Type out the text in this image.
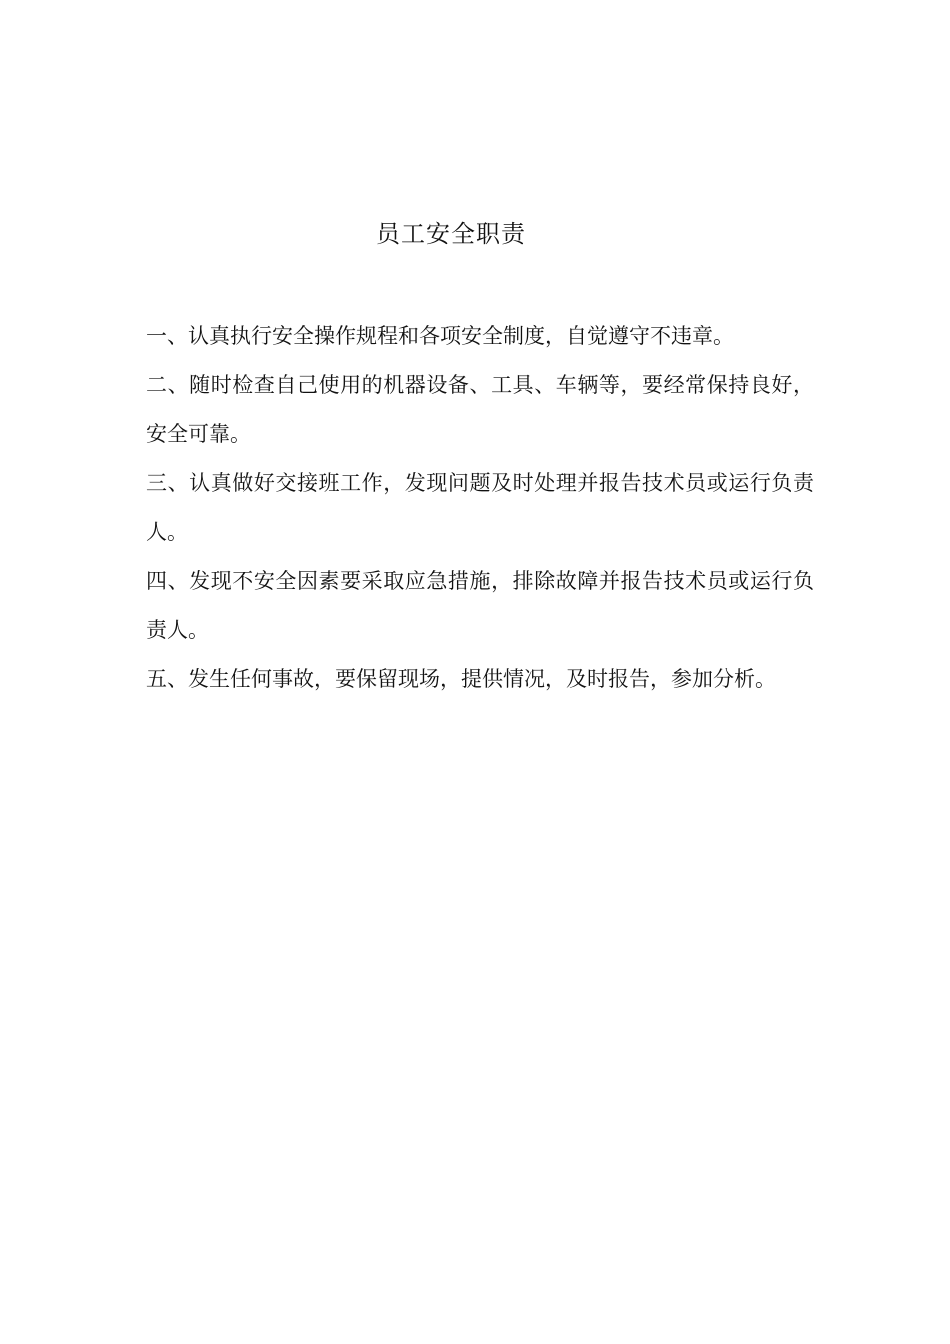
员工安全职责

一、认真执行安全操作规程和各项安全制度，自觉遵守不违章。

二、随时检查自己使用的机器设备、工具、车辆等，要经常保持良好，安全可靠。

三、认真做好交接班工作，发现问题及时处理并报告技术员或运行负责人。

四、发现不安全因素要采取应急措施，排除故障并报告技术员或运行负责人。

五、发生任何事故，要保留现场，提供情况，及时报告，参加分析。
